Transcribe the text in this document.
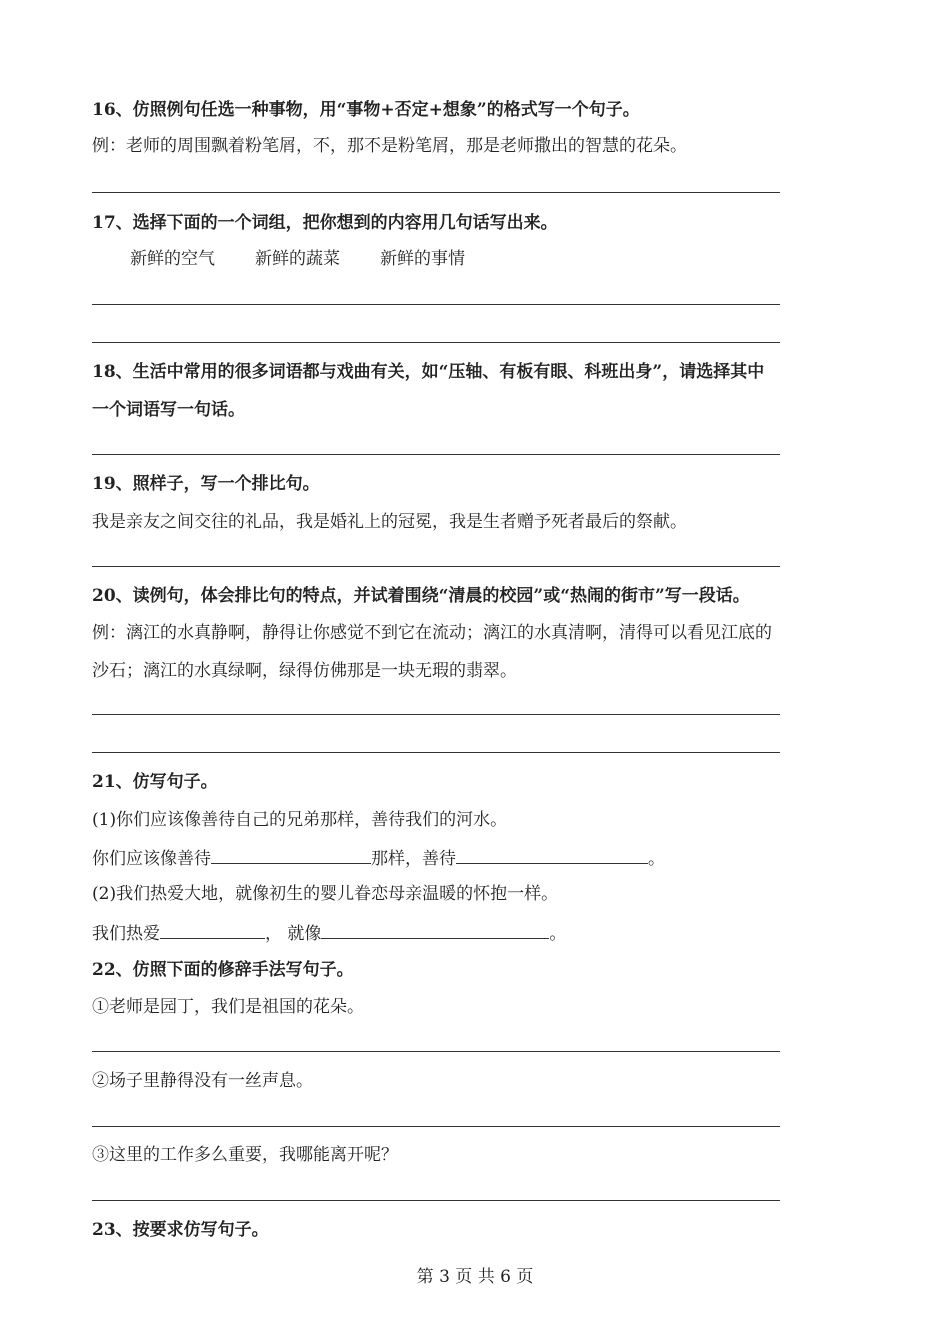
16、仿照例句任选一种事物，用“事物+否定+想象”的格式写一个句子。
例：老师的周围飘着粉笔屑，不，那不是粉笔屑，那是老师撒出的智慧的花朵。
17、选择下面的一个词组，把你想到的内容用几句话写出来。
新鲜的空气 新鲜的蔬菜 新鲜的事情
18、生活中常用的很多词语都与戏曲有关，如“压轴、有板有眼、科班出身”，请选择其中
一个词语写一句话。
19、照样子，写一个排比句。
我是亲友之间交往的礼品，我是婚礼上的冠冕，我是生者赠予死者最后的祭献。
20、读例句，体会排比句的特点，并试着围绕“清晨的校园”或“热闹的街市”写一段话。
例：漓江的水真静啊，静得让你感觉不到它在流动；漓江的水真清啊，清得可以看见江底的
沙石；漓江的水真绿啊，绿得仿佛那是一块无瑕的翡翠。
21、仿写句子。
(1)你们应该像善待自己的兄弟那样，善待我们的河水。
你们应该像善待	那样，善待	。
(2)我们热爱大地，就像初生的婴儿眷恋母亲温暖的怀抱一样。
我们热爱	， 就像	。
22、仿照下面的修辞手法写句子。
①老师是园丁，我们是祖国的花朵。
②场子里静得没有一丝声息。
③这里的工作多么重要，我哪能离开呢？
23、按要求仿写句子。
第 3 页 共 6 页
